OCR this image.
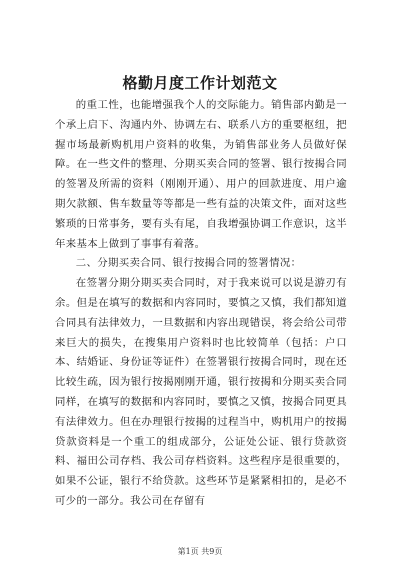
格勤月度工作计划范文

的重工性，也能增强我个人的交际能力。销售部内勤是一个承上启下、沟通内外、协调左右、联系八方的重要枢纽，把握市场最新购机用户资料的收集，为销售部业务人员做好保障。在一些文件的整理、分期买卖合同的签署、银行按揭合同的签署及所需的资料（刚刚开通）、用户的回款进度、用户逾期欠款额、售车数量等等都是一些有益的决策文件，面对这些繁琐的日常事务，要有头有尾，自我增强协调工作意识，这半年来基本上做到了事事有着落。

二、分期买卖合同、银行按揭合同的签署情况：

在签署分期分期买卖合同时，对于我来说可以说是游刃有余。但是在填写的数据和内容同时，要慎之又慎，我们都知道合同具有法律效力，一旦数据和内容出现错误，将会给公司带来巨大的损失，在搜集用户资料时也比较简单（包括：户口本、结婚证、身份证等证件）在签署银行按揭合同时，现在还比较生疏，因为银行按揭刚刚开通，银行按揭和分期买卖合同同样，在填写的数据和内容同时，要慎之又慎，按揭合同更具有法律效力。但在办理银行按揭的过程当中，购机用户的按揭贷款资料是一个重工的组成部分，公证处公证、银行贷款资料、福田公司存档、我公司存档资料。这些程序是很重要的，如果不公证，银行不给贷款。这些环节是紧紧相扣的，是必不可少的一部分。我公司在存留有

第1页 共9页
